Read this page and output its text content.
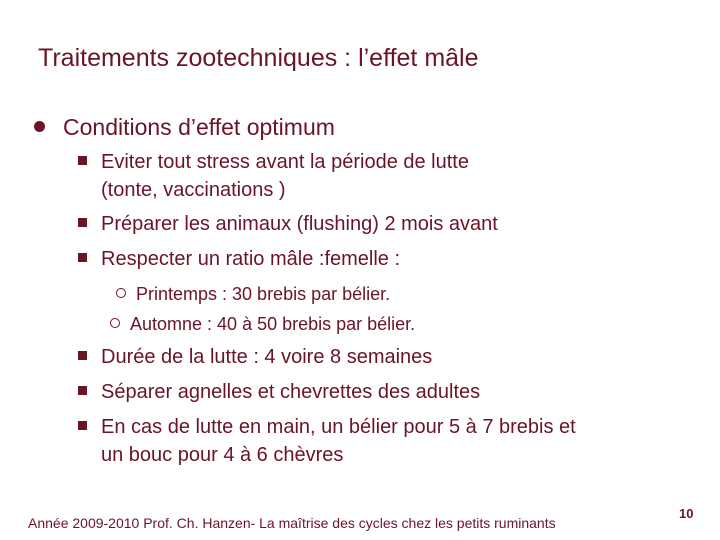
Traitements zootechniques : l’effet mâle
Conditions d’effet optimum
Eviter tout stress avant la période de lutte
(tonte, vaccinations )
Préparer les animaux (flushing) 2 mois avant
Respecter un ratio mâle :femelle :
Printemps : 30 brebis par bélier.
Automne : 40 à 50 brebis par bélier.
Durée de la lutte : 4 voire 8 semaines
Séparer agnelles et chevrettes des adultes
En cas de lutte en main, un bélier pour 5 à 7 brebis et
un bouc pour 4 à 6 chèvres
Année 2009-2010 Prof. Ch. Hanzen- La maîtrise des cycles chez les petits ruminants
10
